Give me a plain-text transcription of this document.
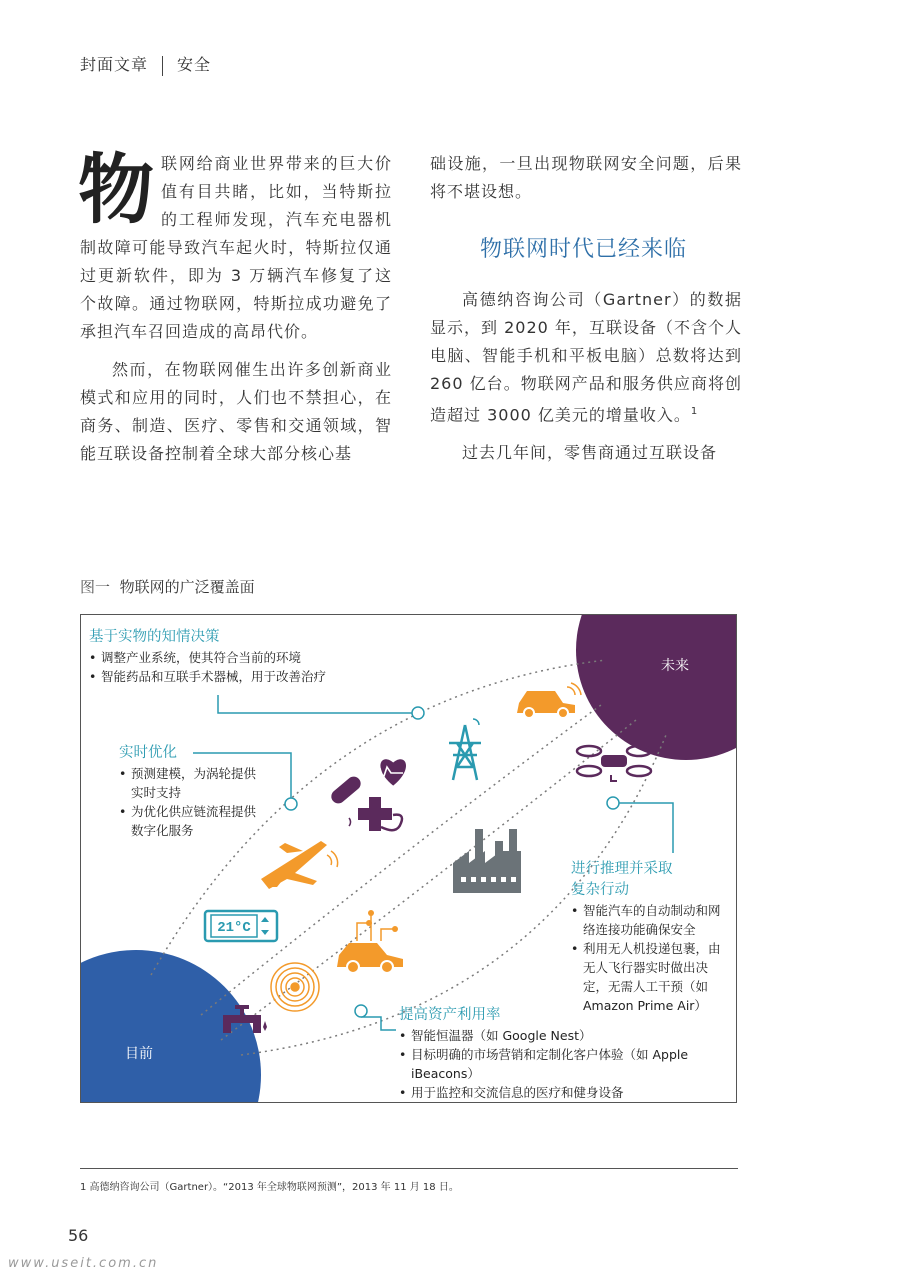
封面文章 安全

物联网给商业世界带来的巨大价值有目共睹，比如，当特斯拉的工程师发现，汽车充电器机制故障可能导致汽车起火时，特斯拉仅通过更新软件，即为 3 万辆汽车修复了这个故障。通过物联网，特斯拉成功避免了承担汽车召回造成的高昂代价。

然而，在物联网催生出许多创新商业模式和应用的同时，人们也不禁担心，在商务、制造、医疗、零售和交通领域，智能互联设备控制着全球大部分核心基

础设施，一旦出现物联网安全问题，后果将不堪设想。

物联网时代已经来临

高德纳咨询公司（Gartner）的数据显示，到 2020 年，互联设备（不含个人电脑、智能手机和平板电脑）总数将达到 260 亿台。物联网产品和服务供应商将创造超过 3000 亿美元的增量收入。$^1$

过去几年间，零售商通过互联设备

图一 物联网的广泛覆盖面
21°C
未来
目前
基于实物的知情决策
• 调整产业系统，使其符合当前的环境
• 智能药品和互联手术器械，用于改善治疗
实时优化
• 预测建模，为涡轮提供实时支持
• 为优化供应链流程提供数字化服务
进行推理并采取复杂行动
• 智能汽车的自动制动和网络连接功能确保安全
• 利用无人机投递包裹，由无人飞行器实时做出决定，无需人工干预（如 Amazon Prime Air）
提高资产利用率
• 智能恒温器（如 Google Nest）
• 目标明确的市场营销和定制化客户体验（如 Apple iBeacons）
• 用于监控和交流信息的医疗和健身设备
1 高德纳咨询公司（Gartner）。“2013 年全球物联网预测”，2013 年 11 月 18 日。
56
www.useit.com.cn
